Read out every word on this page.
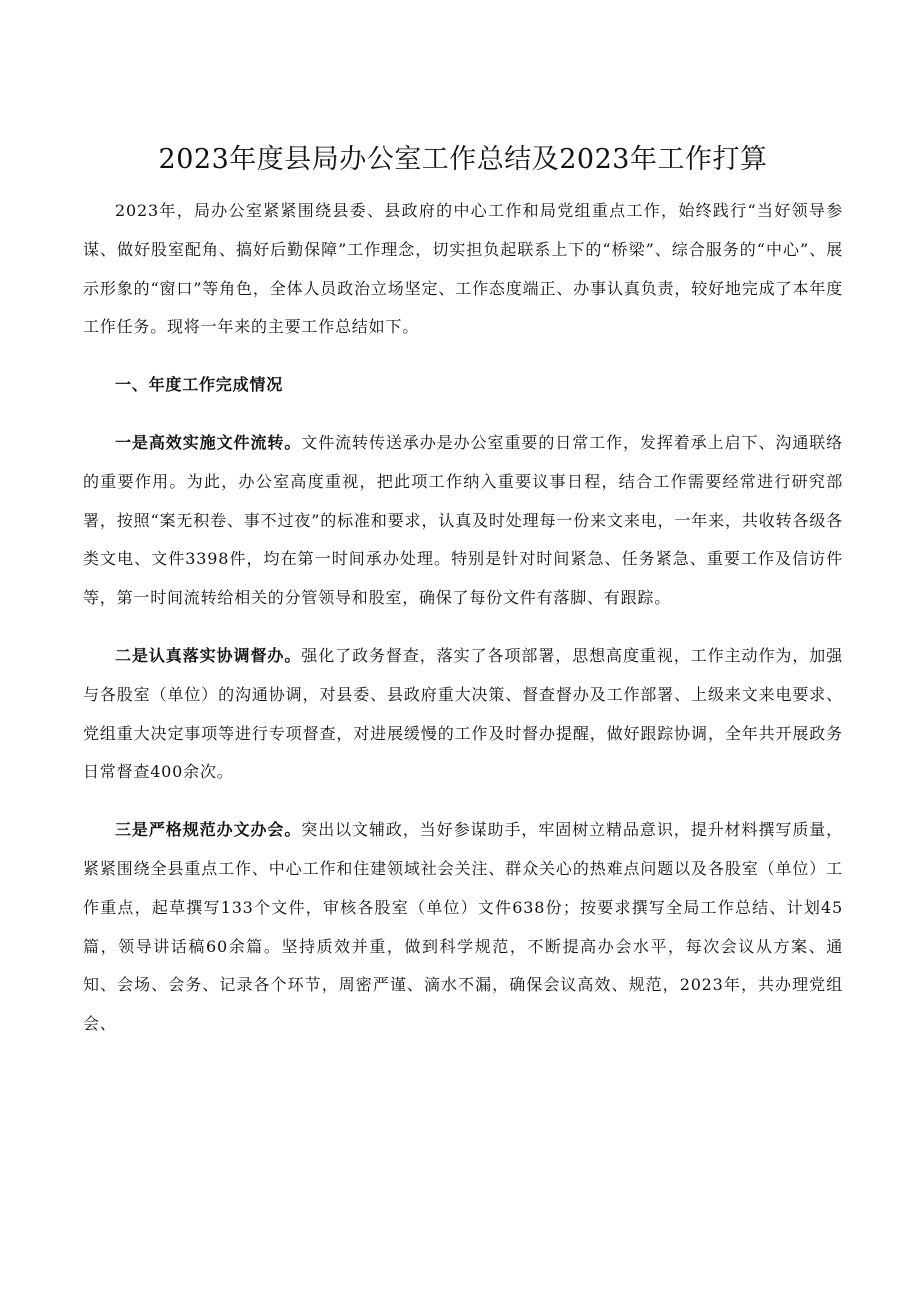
2023年度县局办公室工作总结及2023年工作打算

2023年，局办公室紧紧围绕县委、县政府的中心工作和局党组重点工作，始终践行“当好领导参谋、做好股室配角、搞好后勤保障”工作理念，切实担负起联系上下的“桥梁”、综合服务的“中心”、展示形象的“窗口”等角色，全体人员政治立场坚定、工作态度端正、办事认真负责，较好地完成了本年度工作任务。现将一年来的主要工作总结如下。

一、年度工作完成情况

一是高效实施文件流转。文件流转传送承办是办公室重要的日常工作，发挥着承上启下、沟通联络的重要作用。为此，办公室高度重视，把此项工作纳入重要议事日程，结合工作需要经常进行研究部署，按照“案无积卷、事不过夜”的标准和要求，认真及时处理每一份来文来电，一年来，共收转各级各类文电、文件3398件，均在第一时间承办处理。特别是针对时间紧急、任务紧急、重要工作及信访件等，第一时间流转给相关的分管领导和股室，确保了每份文件有落脚、有跟踪。

二是认真落实协调督办。强化了政务督查，落实了各项部署，思想高度重视，工作主动作为，加强与各股室（单位）的沟通协调，对县委、县政府重大决策、督查督办及工作部署、上级来文来电要求、党组重大决定事项等进行专项督查，对进展缓慢的工作及时督办提醒，做好跟踪协调，全年共开展政务日常督查400余次。

三是严格规范办文办会。突出以文辅政，当好参谋助手，牢固树立精品意识，提升材料撰写质量，紧紧围绕全县重点工作、中心工作和住建领域社会关注、群众关心的热难点问题以及各股室（单位）工作重点，起草撰写133个文件，审核各股室（单位）文件638份；按要求撰写全局工作总结、计划45篇，领导讲话稿60余篇。坚持质效并重，做到科学规范，不断提高办会水平，每次会议从方案、通知、会场、会务、记录各个环节，周密严谨、滴水不漏，确保会议高效、规范，2023年，共办理党组会、
